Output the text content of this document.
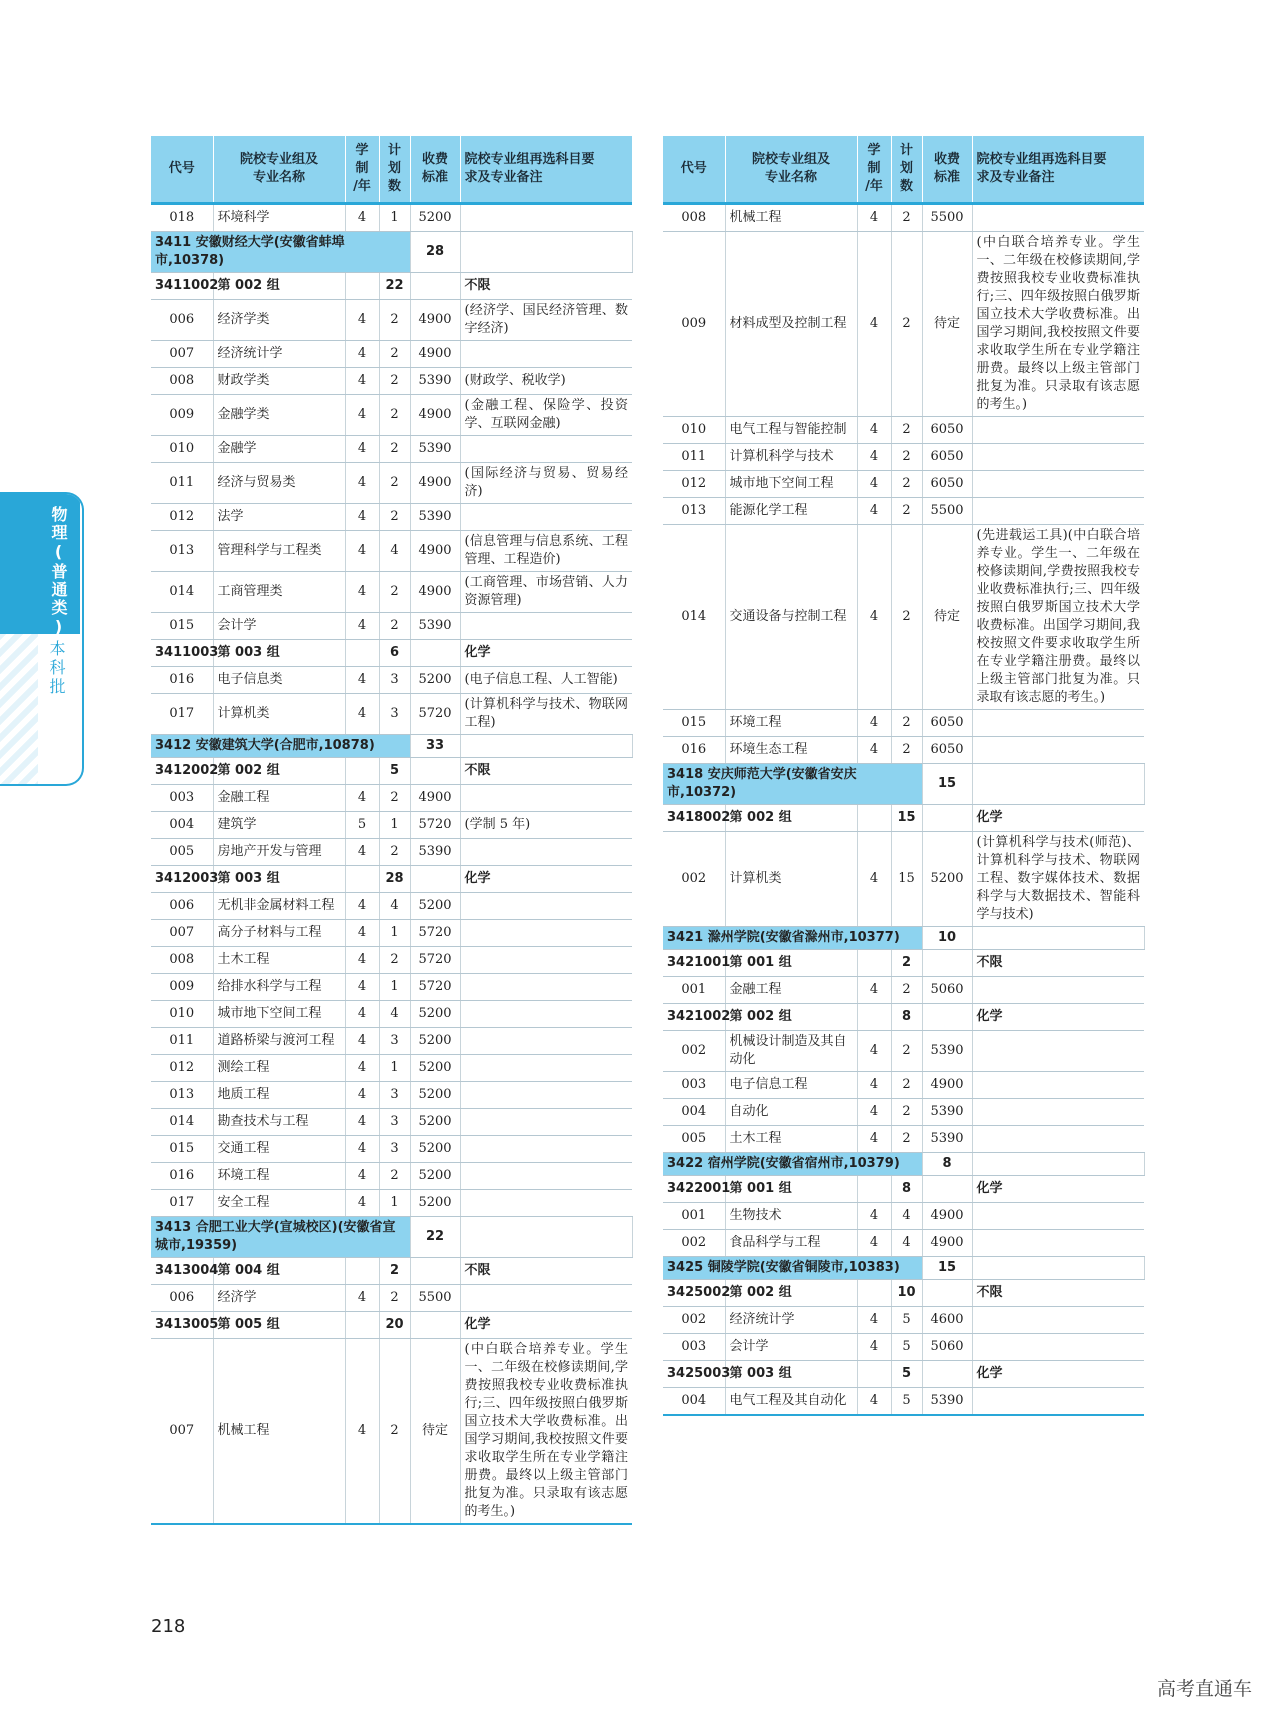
物理(普通类)
本科批
代号	院校专业组及
专业名称	学
制
/年	计
划
数	收费
标准	院校专业组再选科目要
求及专业备注	
018	环境科学	4	1	5200		
3411 安徽财经大学(安徽省蚌埠市,10378)				28		
3411002	第 002 组		22		不限	
006	经济学类	4	2	4900	(经济学、国民经济管理、数字经济)	
007	经济统计学	4	2	4900		
008	财政学类	4	2	5390	(财政学、税收学)	
009	金融学类	4	2	4900	(金融工程、保险学、投资学、互联网金融)	
010	金融学	4	2	5390		
011	经济与贸易类	4	2	4900	(国际经济与贸易、贸易经济)	
012	法学	4	2	5390		
013	管理科学与工程类	4	4	4900	(信息管理与信息系统、工程管理、工程造价)	
014	工商管理类	4	2	4900	(工商管理、市场营销、人力资源管理)	
015	会计学	4	2	5390		
3411003	第 003 组		6		化学	
016	电子信息类	4	3	5200	(电子信息工程、人工智能)	
017	计算机类	4	3	5720	(计算机科学与技术、物联网工程)	
3412 安徽建筑大学(合肥市,10878)				33		
3412002	第 002 组		5		不限	
003	金融工程	4	2	4900		
004	建筑学	5	1	5720	(学制 5 年)	
005	房地产开发与管理	4	2	5390		
3412003	第 003 组		28		化学	
006	无机非金属材料工程	4	4	5200		
007	高分子材料与工程	4	1	5720		
008	土木工程	4	2	5720		
009	给排水科学与工程	4	1	5720		
010	城市地下空间工程	4	4	5200		
011	道路桥梁与渡河工程	4	3	5200		
012	测绘工程	4	1	5200		
013	地质工程	4	3	5200		
014	勘查技术与工程	4	3	5200		
015	交通工程	4	3	5200		
016	环境工程	4	2	5200		
017	安全工程	4	1	5200		
3413 合肥工业大学(宣城校区)(安徽省宣城市,19359)				22		
3413004	第 004 组		2		不限	
006	经济学	4	2	5500		
3413005	第 005 组		20		化学	
007	机械工程	4	2	待定	(中白联合培养专业。学生一、二年级在校修读期间,学费按照我校专业收费标准执行;三、四年级按照白俄罗斯国立技术大学收费标准。出国学习期间,我校按照文件要求收取学生所在专业学籍注册费。最终以上级主管部门批复为准。只录取有该志愿的考生。)	
代号	院校专业组及
专业名称	学
制
/年	计
划
数	收费
标准	院校专业组再选科目要
求及专业备注	
008	机械工程	4	2	5500		
009	材料成型及控制工程	4	2	待定	(中白联合培养专业。学生一、二年级在校修读期间,学费按照我校专业收费标准执行;三、四年级按照白俄罗斯国立技术大学收费标准。出国学习期间,我校按照文件要求收取学生所在专业学籍注册费。最终以上级主管部门批复为准。只录取有该志愿的考生。)	
010	电气工程与智能控制	4	2	6050		
011	计算机科学与技术	4	2	6050		
012	城市地下空间工程	4	2	6050		
013	能源化学工程	4	2	5500		
014	交通设备与控制工程	4	2	待定	(先进载运工具)(中白联合培养专业。学生一、二年级在校修读期间,学费按照我校专业收费标准执行;三、四年级按照白俄罗斯国立技术大学收费标准。出国学习期间,我校按照文件要求收取学生所在专业学籍注册费。最终以上级主管部门批复为准。只录取有该志愿的考生。)	
015	环境工程	4	2	6050		
016	环境生态工程	4	2	6050		
3418 安庆师范大学(安徽省安庆市,10372)				15		
3418002	第 002 组		15		化学	
002	计算机类	4	15	5200	(计算机科学与技术(师范)、计算机科学与技术、物联网工程、数字媒体技术、数据科学与大数据技术、智能科学与技术)	
3421 滁州学院(安徽省滁州市,10377)				10		
3421001	第 001 组		2		不限	
001	金融工程	4	2	5060		
3421002	第 002 组		8		化学	
002	机械设计制造及其自动化	4	2	5390		
003	电子信息工程	4	2	4900		
004	自动化	4	2	5390		
005	土木工程	4	2	5390		
3422 宿州学院(安徽省宿州市,10379)				8		
3422001	第 001 组		8		化学	
001	生物技术	4	4	4900		
002	食品科学与工程	4	4	4900		
3425 铜陵学院(安徽省铜陵市,10383)				15		
3425002	第 002 组		10		不限	
002	经济统计学	4	5	4600		
003	会计学	4	5	5060		
3425003	第 003 组		5		化学	
004	电气工程及其自动化	4	5	5390		
218
高考直通车
